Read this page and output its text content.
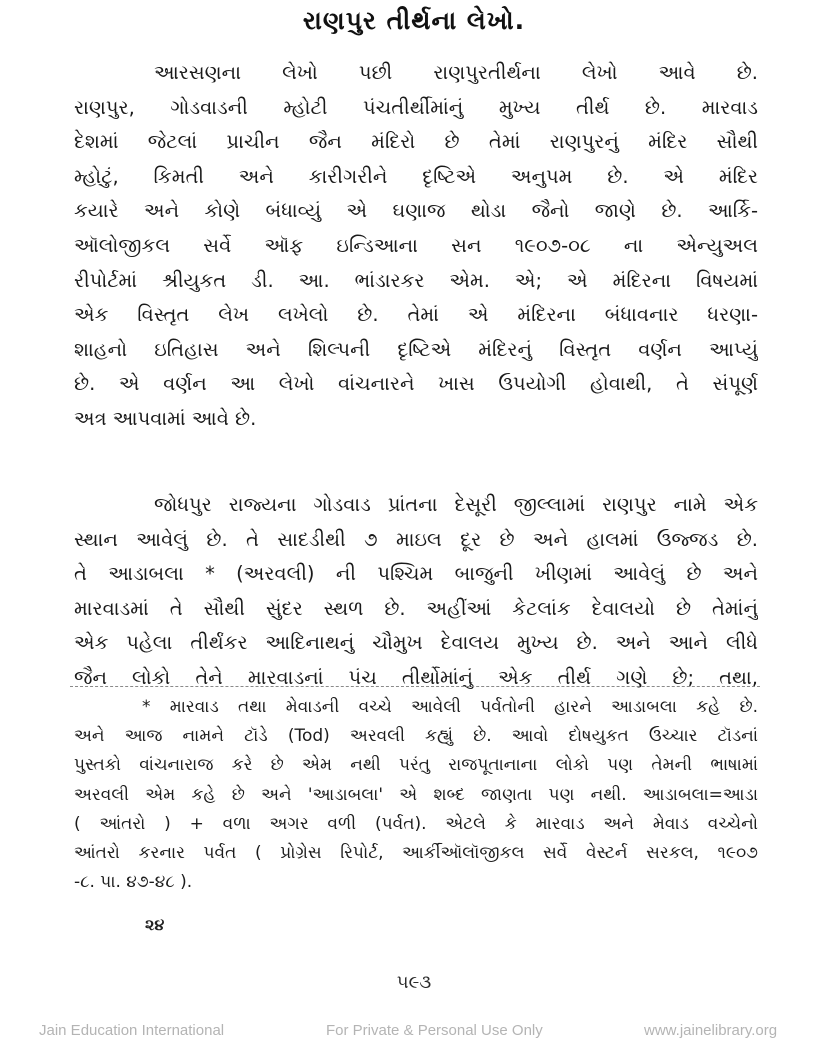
રાણપુર તીર્થના લેખો.
આરસણના લેખો પછી રાણપુરતીર્થના લેખો આવે છે.
રાણપુર, ગોડવાડની મ્હોટી પંચતીર્થીમાંનું મુખ્ય તીર્થ છે. મારવાડ
દેશમાં જેટલાં પ્રાચીન જૈન મંદિરો છે તેમાં રાણપુરનું મંદિર સૌથી
મ્હોટું, કિમતી અને કારીગરીને દૃષ્ટિએ અનુપમ છે. એ મંદિર
કયારે અને કોણે બંધાવ્યું એ ઘણાજ થોડા જૈનો જાણે છે. આર્કિ-
ઑલોજીકલ સર્વે ઑફ ઇન્ડિઆના સન ૧૯૦૭-૦૮ ના એન્યુઅલ
રીપોર્ટમાં શ્રીયુકત ડી. આ. ભાંડારકર એમ. એ; એ મંદિરના વિષયમાં
એક વિસ્તૃત લેખ લખેલો છે. તેમાં એ મંદિરના બંધાવનાર ધરણા-
શાહનો ઇતિહાસ અને શિલ્પની દૃષ્ટિએ મંદિરનું વિસ્તૃત વર્ણન આપ્યું
છે. એ વર્ણન આ લેખો વાંચનારને ખાસ ઉપયોગી હોવાથી, તે સંપૂર્ણ
અત્ર આપવામાં આવે છે.
જોધપુર રાજ્યના ગોડવાડ પ્રાંતના દેસૂરી જીલ્લામાં રાણપુર નામે એક
સ્થાન આવેલું છે. તે સાદડીથી ૭ માઇલ દૂર છે અને હાલમાં ઉજ્જડ છે.
તે આડાબલા * (અરવલી) ની પશ્ચિમ બાજુની ખીણમાં આવેલું છે અને
મારવાડમાં તે સૌથી સુંદર સ્થળ છે. અહીંઆં કેટલાંક દેવાલયો છે તેમાંનું
એક પહેલા તીર્થંકર આદિનાથનું ચૌમુખ દેવાલય મુખ્ય છે. અને આને લીધે
જૈન લોકો તેને મારવાડનાં પંચ તીર્થોમાંનું એક તીર્થ ગણે છે; તથા,
* મારવાડ તથા મેવાડની વચ્ચે આવેલી પર્વતોની હારને આડાબલા કહે છે.
અને આજ નામને ટૉડે (Tod) અરવલી કહ્યું છે. આવો દોષયુકત ઉચ્ચાર ટૉડનાં
પુસ્તકો વાંચનારાજ કરે છે એમ નથી પરંતુ રાજપૂતાનાના લોકો પણ તેમની ભાષામાં
અરવલી એમ કહે છે અને 'આડાબલા' એ શબ્દ જાણતા પણ નથી. આડાબલા=આડા
( આંતરો ) + વળા અગર વળી (પર્વત). એટલે કે મારવાડ અને મેવાડ વચ્ચેનો
આંતરો કરનાર પર્વત ( પ્રોગ્રેસ રિપોર્ટ, આર્કીઑલૉજીકલ સર્વે વેસ્ટર્ન સરકલ, ૧૯૦૭
-૮. પા. ૪૭-૪૮ ).
૨૪
૫૯૩
Jain Education International	For Private & Personal Use Only	www.jainelibrary.org
